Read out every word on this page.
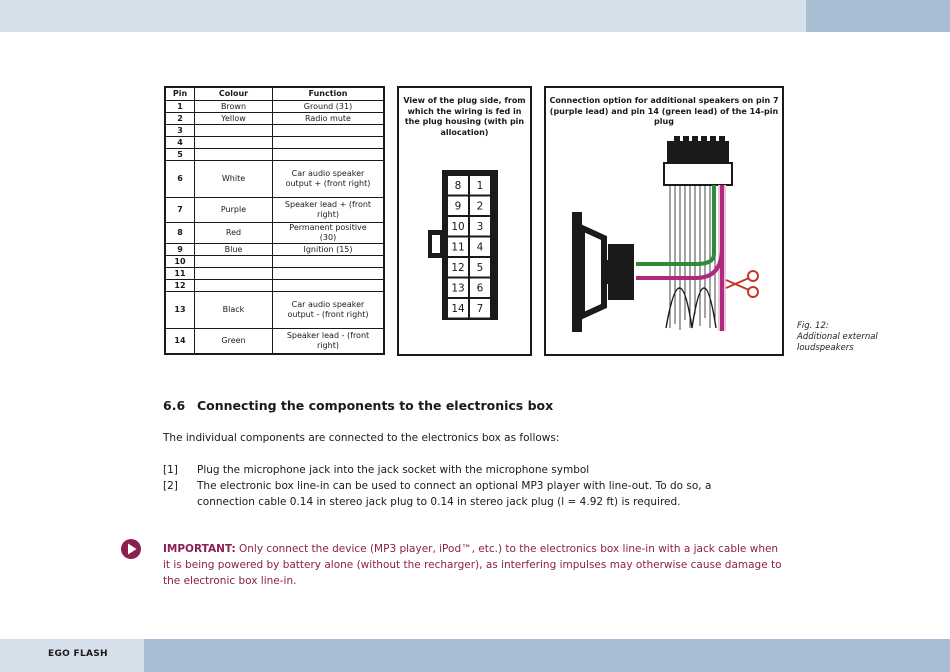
Pin	Colour	Function
1	Brown	Ground (31)
2	Yellow	Radio mute
3		
4		
5		
6	White	Car audio speaker output + (front right)
7	Purple	Speaker lead + (front right)
8	Red	Permanent positive (30)
9	Blue	Ignition (15)
10		
11		
12		
13	Black	Car audio speaker output - (front right)
14	Green	Speaker lead - (front right)
View of the plug side, from which the wiring is fed in the plug housing (with pin allocation)
8 1
9 2
10 3
11 4
12 5
13 6
14 7
Connection option for additional speakers on pin 7 (purple lead) and pin 14 (green lead) of the 14-pin plug
Fig. 12:
Additional external
loudspeakers
6.6 Connecting the components to the electronics box
The individual components are connected to the electronics box as follows:
[1] Plug the microphone jack into the jack socket with the microphone symbol
[2] The electronic box line-in can be used to connect an optional MP3 player with line-out. To do so, a connection cable 0.14 in stereo jack plug to 0.14 in stereo jack plug (l = 4.92 ft) is required.
IMPORTANT: Only connect the device (MP3 player, iPod™, etc.) to the electronics box line-in with a jack cable when it is being powered by battery alone (without the recharger), as interfering impulses may otherwise cause damage to the electronic box line-in.
EGO FLASH
